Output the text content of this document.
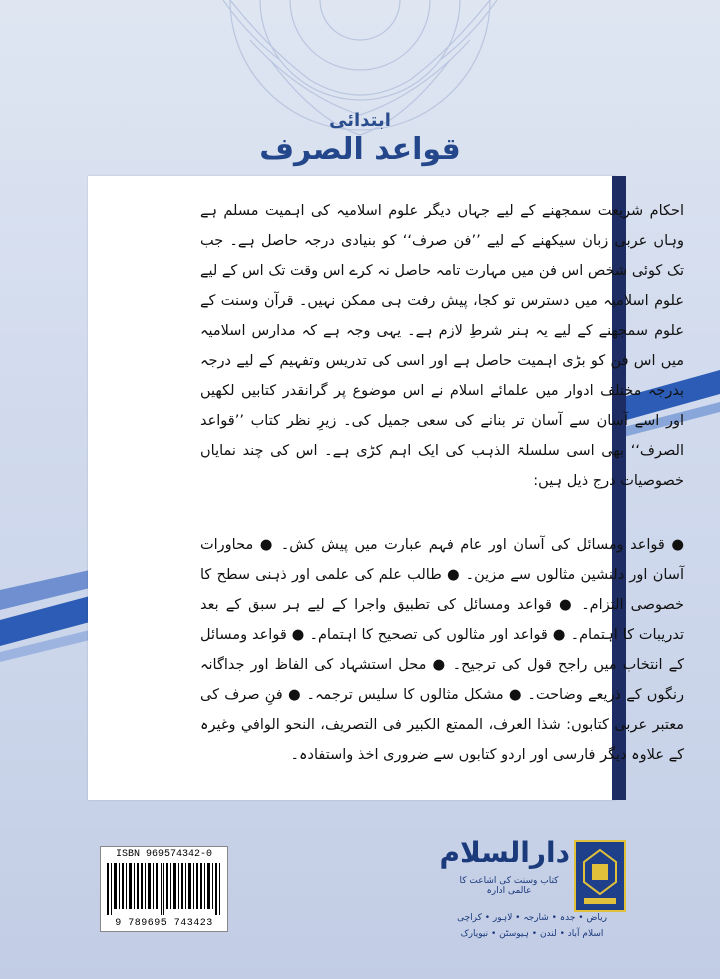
ابتدائی
قواعد الصرف

احکام شریعت سمجھنے کے لیے جہاں دیگر علوم اسلامیہ کی اہمیت مسلم ہے وہاں عربی زبان سیکھنے کے لیے ’’فن صرف‘‘ کو بنیادی درجہ حاصل ہے۔ جب تک کوئی شخص اس فن میں مہارت تامہ حاصل نہ کرے اس وقت تک اس کے لیے علوم اسلامیہ میں دسترس تو کجا، پیش رفت ہی ممکن نہیں۔ قرآن وسنت کے علوم سمجھنے کے لیے یہ ہنر شرطِ لازم ہے۔ یہی وجہ ہے کہ مدارس اسلامیہ میں اس فن کو بڑی اہمیت حاصل ہے اور اسی کی تدریس وتفہیم کے لیے درجہ بدرجہ مختلف ادوار میں علمائے اسلام نے اس موضوع پر گرانقدر کتابیں لکھیں اور اسے آسان سے آسان تر بنانے کی سعی جمیل کی۔ زیرِ نظر کتاب ’’قواعد الصرف‘‘ بھی اسی سلسلۃ الذہب کی ایک اہم کڑی ہے۔ اس کی چند نمایاں خصوصیات درج ذیل ہیں:

● قواعد ومسائل کی آسان اور عام فہم عبارت میں پیش کش۔ ● محاورات آسان اور دلنشین مثالوں سے مزین۔ ● طالب علم کی علمی اور ذہنی سطح کا خصوصی التزام۔ ● قواعد ومسائل کی تطبیق واجرا کے لیے ہر سبق کے بعد تدریبات کا اہتمام۔ ● قواعد اور مثالوں کی تصحیح کا اہتمام۔ ● قواعد ومسائل کے انتخاب میں راجح قول کی ترجیح۔ ● محل استشہاد کی الفاظ اور جداگانہ رنگوں کے ذریعے وضاحت۔ ● مشکل مثالوں کا سلیس ترجمہ۔ ● فنِ صرف کی معتبر عربی کتابوں: شذا العرف، الممتع الكبير فى التصريف، النحو الوافي وغیرہ کے علاوہ دیگر فارسی اور اردو کتابوں سے ضروری اخذ واستفادہ۔

ISBN 969574342-0
9 789695 743423
دارالسلام
کتاب وسنت کی اشاعت کا عالمی ادارہ
ریاض • جدہ • شارجہ • لاہور • کراچی
اسلام آباد • لندن • ہیوسٹن • نیویارک
